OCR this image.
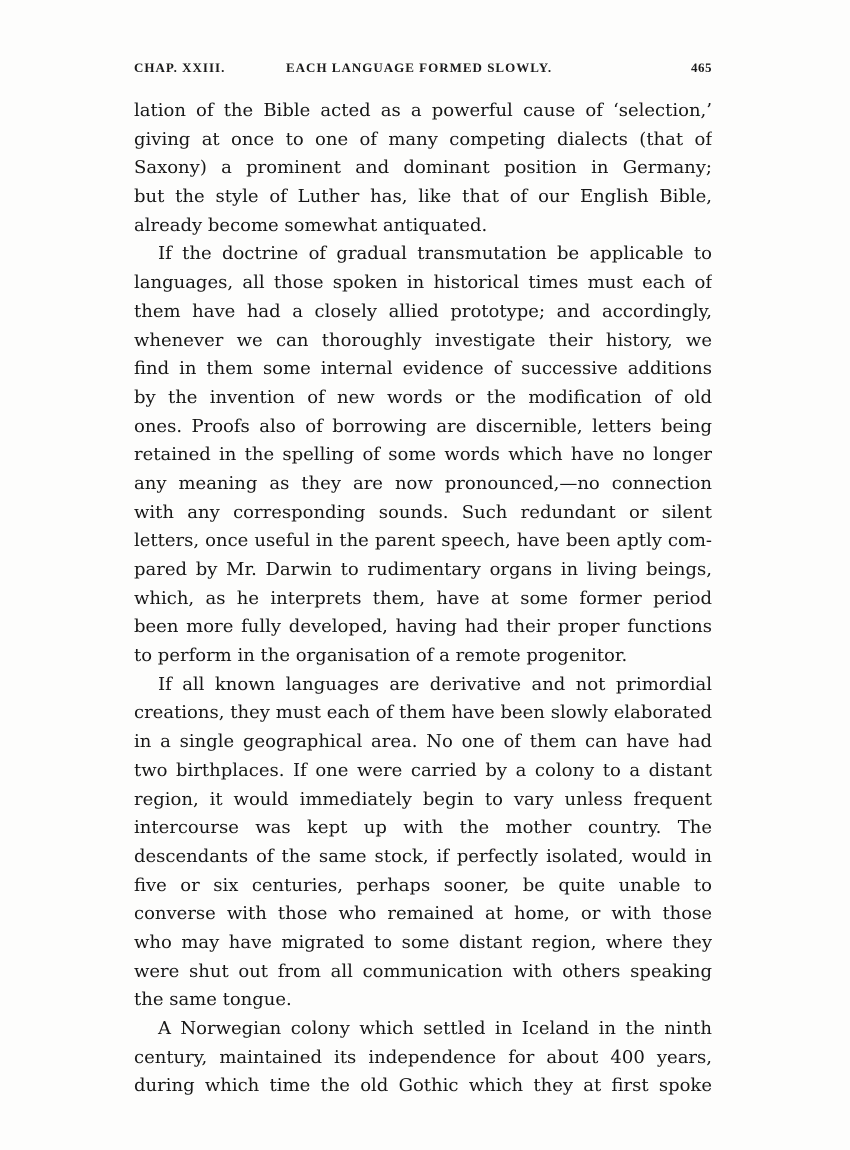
CHAP. XXIII.	EACH LANGUAGE FORMED SLOWLY.	465
lation of the Bible acted as a powerful cause of ‘selection,’
giving at once to one of many competing dialects (that of
Saxony) a prominent and dominant position in Germany;
but the style of Luther has, like that of our English Bible,
already become somewhat antiquated.
If the doctrine of gradual transmutation be applicable to
languages, all those spoken in historical times must each of
them have had a closely allied prototype; and accordingly,
whenever we can thoroughly investigate their history, we
find in them some internal evidence of successive additions
by the invention of new words or the modification of old
ones. Proofs also of borrowing are discernible, letters being
retained in the spelling of some words which have no longer
any meaning as they are now pronounced,—no connection
with any corresponding sounds. Such redundant or silent
letters, once useful in the parent speech, have been aptly com-
pared by Mr. Darwin to rudimentary organs in living beings,
which, as he interprets them, have at some former period
been more fully developed, having had their proper functions
to perform in the organisation of a remote progenitor.
If all known languages are derivative and not primordial
creations, they must each of them have been slowly elaborated
in a single geographical area. No one of them can have had
two birthplaces. If one were carried by a colony to a distant
region, it would immediately begin to vary unless frequent
intercourse was kept up with the mother country. The
descendants of the same stock, if perfectly isolated, would in
five or six centuries, perhaps sooner, be quite unable to
converse with those who remained at home, or with those
who may have migrated to some distant region, where they
were shut out from all communication with others speaking
the same tongue.
A Norwegian colony which settled in Iceland in the ninth
century, maintained its independence for about 400 years,
during which time the old Gothic which they at first spoke
